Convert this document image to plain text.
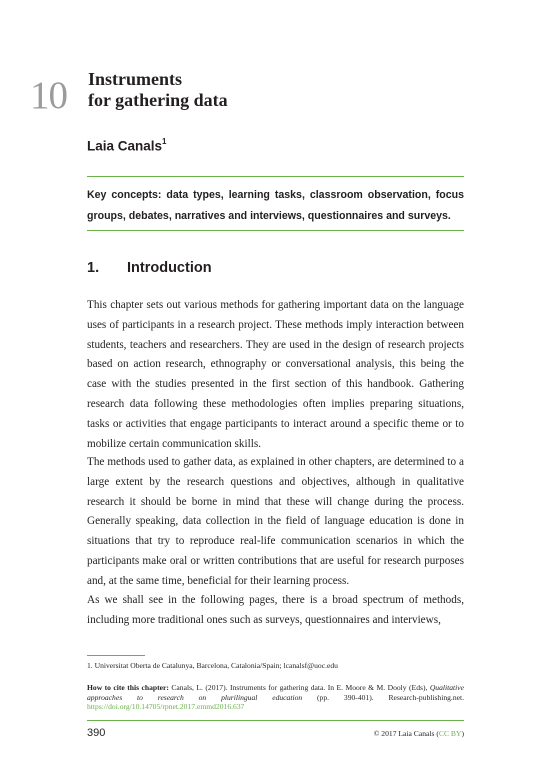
10 Instruments
for gathering data
Laia Canals$^1$
Key concepts: data types, learning tasks, classroom observation, focus groups, debates, narratives and interviews, questionnaires and surveys.
1. Introduction

This chapter sets out various methods for gathering important data on the language uses of participants in a research project. These methods imply interaction between students, teachers and researchers. They are used in the design of research projects based on action research, ethnography or conversational analysis, this being the case with the studies presented in the first section of this handbook. Gathering research data following these methodologies often implies preparing situations, tasks or activities that engage participants to interact around a specific theme or to mobilize certain communication skills.

The methods used to gather data, as explained in other chapters, are determined to a large extent by the research questions and objectives, although in qualitative research it should be borne in mind that these will change during the process. Generally speaking, data collection in the field of language education is done in situations that try to reproduce real-life communication scenarios in which the participants make oral or written contributions that are useful for research purposes and, at the same time, beneficial for their learning process.

As we shall see in the following pages, there is a broad spectrum of methods, including more traditional ones such as surveys, questionnaires and interviews,

1. Universitat Oberta de Catalunya, Barcelona, Catalonia/Spain; lcanalsf@uoc.edu
How to cite this chapter: Canals, L. (2017). Instruments for gathering data. In E. Moore & M. Dooly (Eds), Qualitative approaches to research on plurilingual education (pp. 390-401). Research-publishing.net. https://doi.org/10.14705/rpnet.2017.emmd2016.637
390	© 2017 Laia Canals (CC BY)
